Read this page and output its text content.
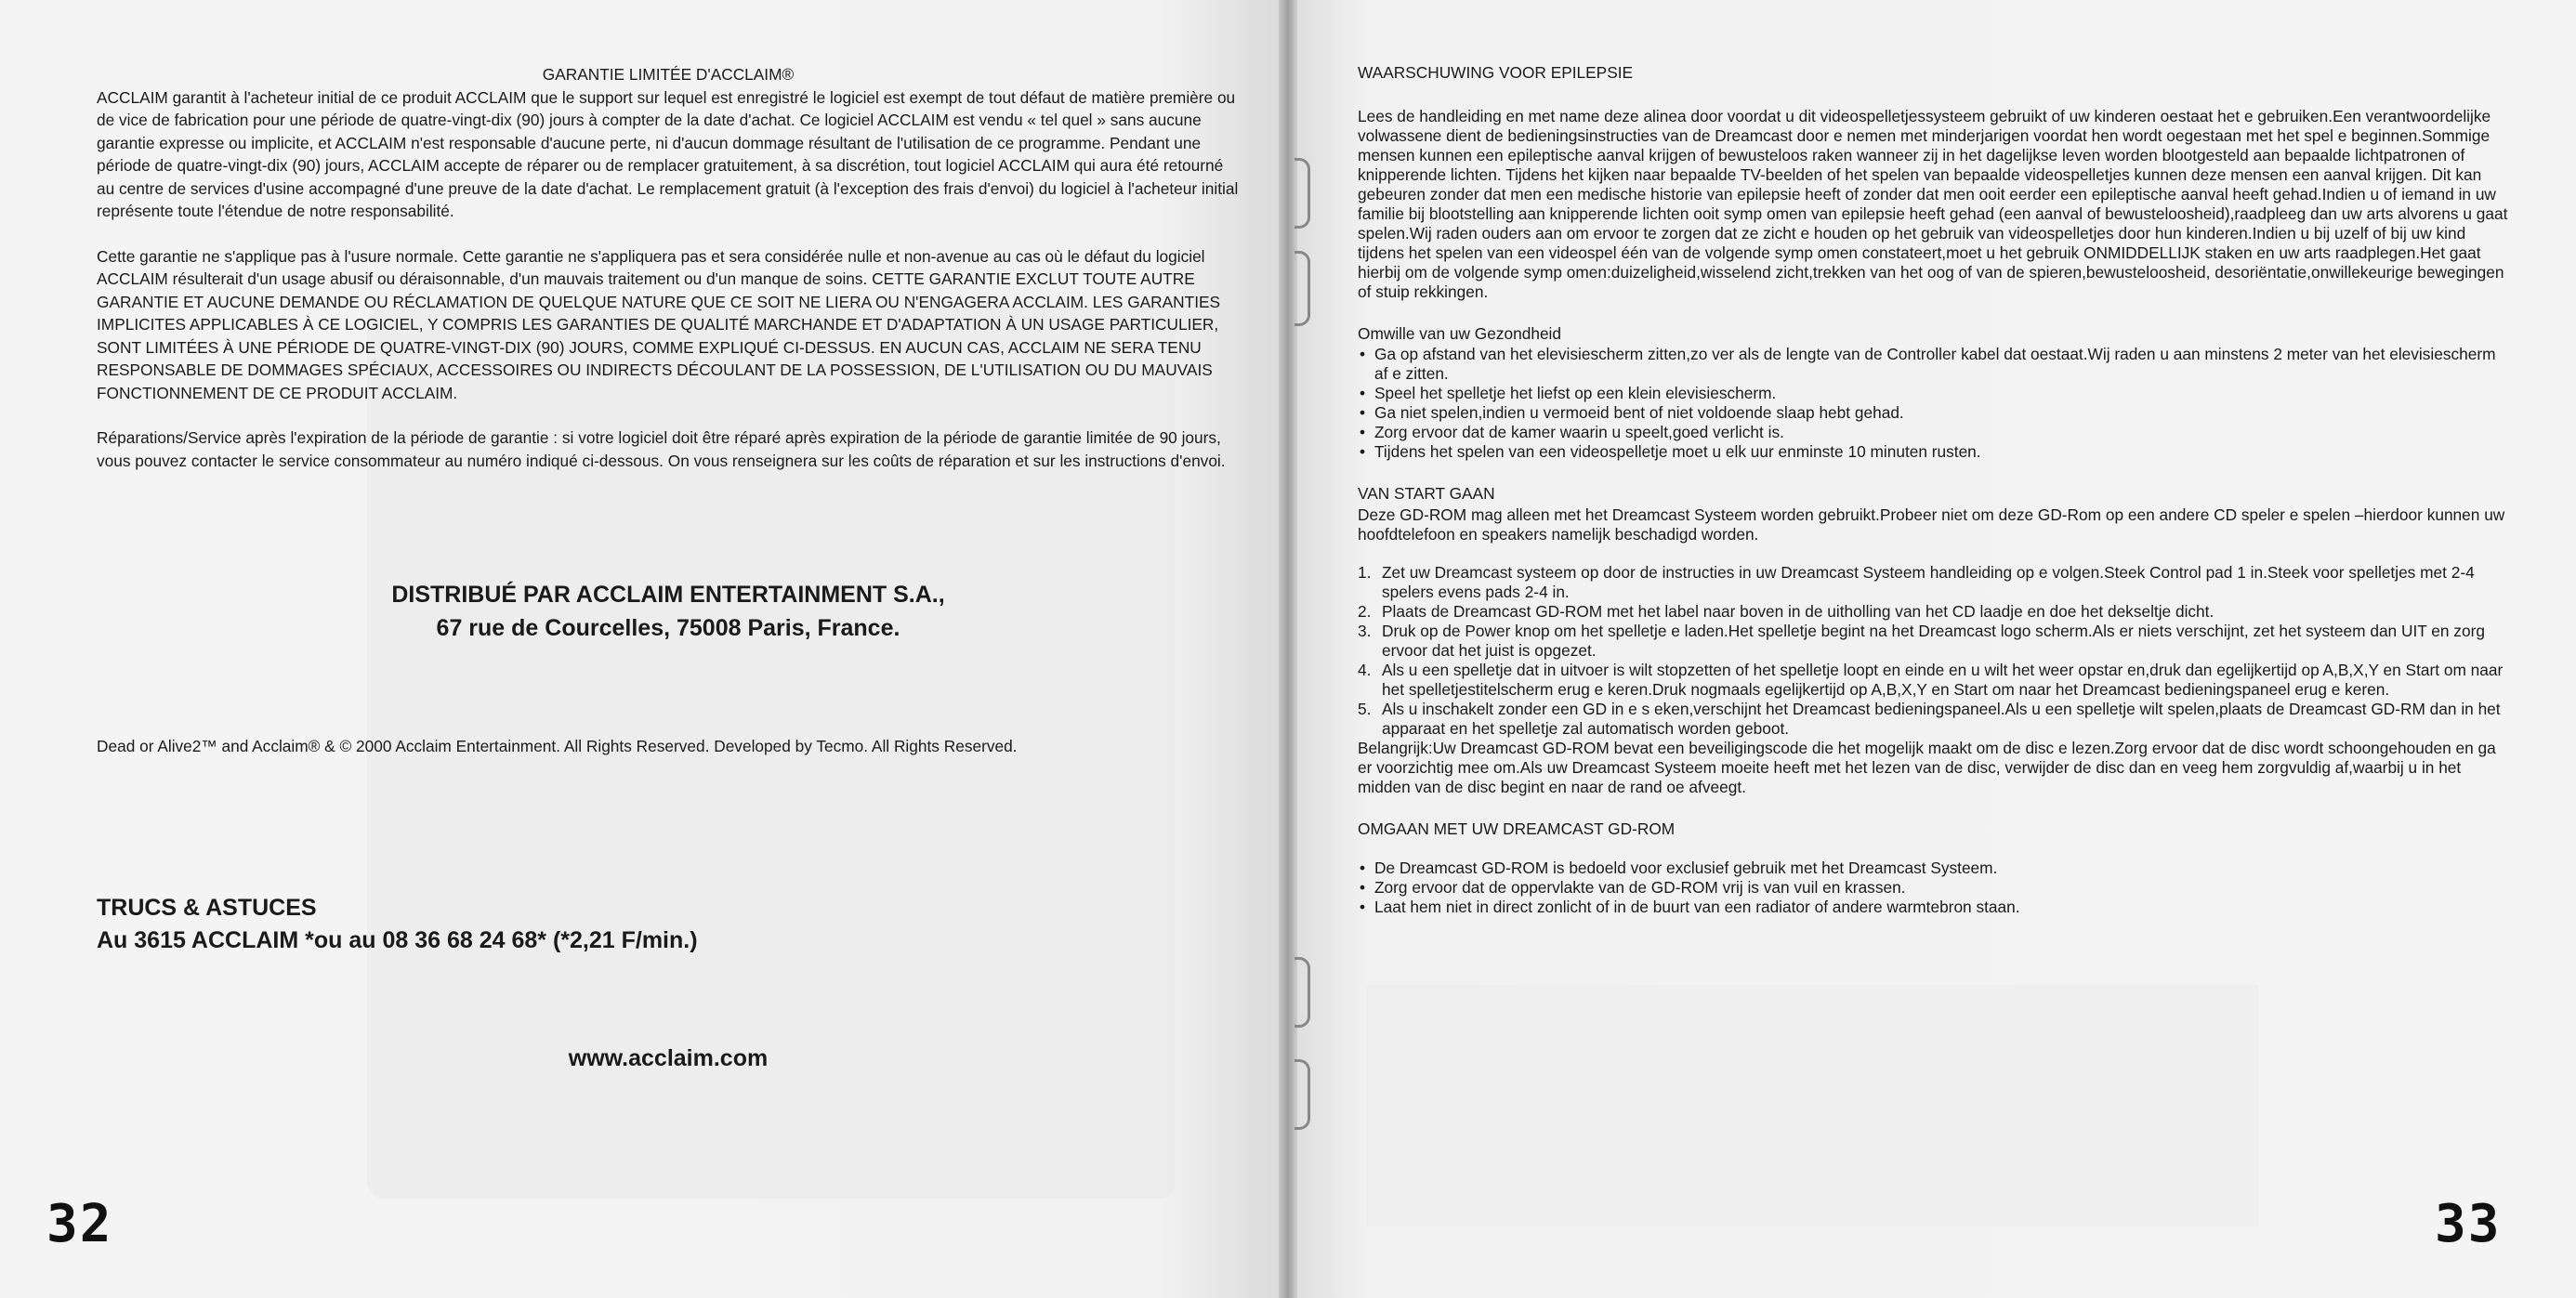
GARANTIE LIMITÉE D'ACCLAIM®

ACCLAIM garantit à l'acheteur initial de ce produit ACCLAIM que le support sur lequel est enregistré le logiciel est exempt de tout défaut de matière première ou de vice de fabrication pour une période de quatre-vingt-dix (90) jours à compter de la date d'achat. Ce logiciel ACCLAIM est vendu « tel quel » sans aucune garantie expresse ou implicite, et ACCLAIM n'est responsable d'aucune perte, ni d'aucun dommage résultant de l'utilisation de ce programme. Pendant une période de quatre-vingt-dix (90) jours, ACCLAIM accepte de réparer ou de remplacer gratuitement, à sa discrétion, tout logiciel ACCLAIM qui aura été retourné au centre de services d'usine accompagné d'une preuve de la date d'achat. Le remplacement gratuit (à l'exception des frais d'envoi) du logiciel à l'acheteur initial représente toute l'étendue de notre responsabilité.

Cette garantie ne s'applique pas à l'usure normale. Cette garantie ne s'appliquera pas et sera considérée nulle et non-avenue au cas où le défaut du logiciel ACCLAIM résulterait d'un usage abusif ou déraisonnable, d'un mauvais traitement ou d'un manque de soins. CETTE GARANTIE EXCLUT TOUTE AUTRE GARANTIE ET AUCUNE DEMANDE OU RÉCLAMATION DE QUELQUE NATURE QUE CE SOIT NE LIERA OU N'ENGAGERA ACCLAIM. LES GARANTIES IMPLICITES APPLICABLES À CE LOGICIEL, Y COMPRIS LES GARANTIES DE QUALITÉ MARCHANDE ET D'ADAPTATION À UN USAGE PARTICULIER, SONT LIMITÉES À UNE PÉRIODE DE QUATRE-VINGT-DIX (90) JOURS, COMME EXPLIQUÉ CI-DESSUS. EN AUCUN CAS, ACCLAIM NE SERA TENU RESPONSABLE DE DOMMAGES SPÉCIAUX, ACCESSOIRES OU INDIRECTS DÉCOULANT DE LA POSSESSION, DE L'UTILISATION OU DU MAUVAIS FONCTIONNEMENT DE CE PRODUIT ACCLAIM.

Réparations/Service après l'expiration de la période de garantie : si votre logiciel doit être réparé après expiration de la période de garantie limitée de 90 jours, vous pouvez contacter le service consommateur au numéro indiqué ci-dessous. On vous renseignera sur les coûts de réparation et sur les instructions d'envoi.

DISTRIBUÉ PAR ACCLAIM ENTERTAINMENT S.A.,
67 rue de Courcelles, 75008 Paris, France.
Dead or Alive2™ and Acclaim® & © 2000 Acclaim Entertainment. All Rights Reserved. Developed by Tecmo. All Rights Reserved.
TRUCS & ASTUCES
Au 3615 ACCLAIM *ou au 08 36 68 24 68* (*2,21 F/min.)
www.acclaim.com
32

WAARSCHUWING VOOR EPILEPSIE

Lees de handleiding en met name deze alinea door voordat u dit videospelletjessysteem gebruikt of uw kinderen oestaat het e gebruiken.Een verantwoordelijke volwassene dient de bedieningsinstructies van de Dreamcast door e nemen met minderjarigen voordat hen wordt oegestaan met het spel e beginnen.Sommige mensen kunnen een epileptische aanval krijgen of bewusteloos raken wanneer zij in het dagelijkse leven worden blootgesteld aan bepaalde lichtpatronen of knipperende lichten. Tijdens het kijken naar bepaalde TV-beelden of het spelen van bepaalde videospelletjes kunnen deze mensen een aanval krijgen. Dit kan gebeuren zonder dat men een medische historie van epilepsie heeft of zonder dat men ooit eerder een epileptische aanval heeft gehad.Indien u of iemand in uw familie bij blootstelling aan knipperende lichten ooit symp omen van epilepsie heeft gehad (een aanval of bewusteloosheid),raadpleeg dan uw arts alvorens u gaat spelen.Wij raden ouders aan om ervoor te zorgen dat ze zicht e houden op het gebruik van videospelletjes door hun kinderen.Indien u bij uzelf of bij uw kind tijdens het spelen van een videospel één van de volgende symp omen constateert,moet u het gebruik ONMIDDELLIJK staken en uw arts raadplegen.Het gaat hierbij om de volgende symp omen:duizeligheid,wisselend zicht,trekken van het oog of van de spieren,bewusteloosheid, desoriëntatie,onwillekeurige bewegingen of stuip rekkingen.

Omwille van uw Gezondheid

• Ga op afstand van het elevisiescherm zitten,zo ver als de lengte van de Controller kabel dat oestaat.Wij raden u aan minstens 2 meter van het elevisiescherm af e zitten.
• Speel het spelletje het liefst op een klein elevisiescherm.
• Ga niet spelen,indien u vermoeid bent of niet voldoende slaap hebt gehad.
• Zorg ervoor dat de kamer waarin u speelt,goed verlicht is.
• Tijdens het spelen van een videospelletje moet u elk uur enminste 10 minuten rusten.

VAN START GAAN

Deze GD-ROM mag alleen met het Dreamcast Systeem worden gebruikt.Probeer niet om deze GD-Rom op een andere CD speler e spelen –hierdoor kunnen uw hoofdtelefoon en speakers namelijk beschadigd worden.

1. Zet uw Dreamcast systeem op door de instructies in uw Dreamcast Systeem handleiding op e volgen.Steek Control pad 1 in.Steek voor spelletjes met 2-4 spelers evens pads 2-4 in.
2. Plaats de Dreamcast GD-ROM met het label naar boven in de uitholling van het CD laadje en doe het dekseltje dicht.
3. Druk op de Power knop om het spelletje e laden.Het spelletje begint na het Dreamcast logo scherm.Als er niets verschijnt, zet het systeem dan UIT en zorg ervoor dat het juist is opgezet.
4. Als u een spelletje dat in uitvoer is wilt stopzetten of het spelletje loopt en einde en u wilt het weer opstar en,druk dan egelijkertijd op A,B,X,Y en Start om naar het spelletjestitelscherm erug e keren.Druk nogmaals egelijkertijd op A,B,X,Y en Start om naar het Dreamcast bedieningspaneel erug e keren.
5. Als u inschakelt zonder een GD in e s eken,verschijnt het Dreamcast bedieningspaneel.Als u een spelletje wilt spelen,plaats de Dreamcast GD-RM dan in het apparaat en het spelletje zal automatisch worden geboot.

Belangrijk:Uw Dreamcast GD-ROM bevat een beveiligingscode die het mogelijk maakt om de disc e lezen.Zorg ervoor dat de disc wordt schoongehouden en ga er voorzichtig mee om.Als uw Dreamcast Systeem moeite heeft met het lezen van de disc, verwijder de disc dan en veeg hem zorgvuldig af,waarbij u in het midden van de disc begint en naar de rand oe afveegt.

OMGAAN MET UW DREAMCAST GD-ROM

• De Dreamcast GD-ROM is bedoeld voor exclusief gebruik met het Dreamcast Systeem.
• Zorg ervoor dat de oppervlakte van de GD-ROM vrij is van vuil en krassen.
• Laat hem niet in direct zonlicht of in de buurt van een radiator of andere warmtebron staan.
33
